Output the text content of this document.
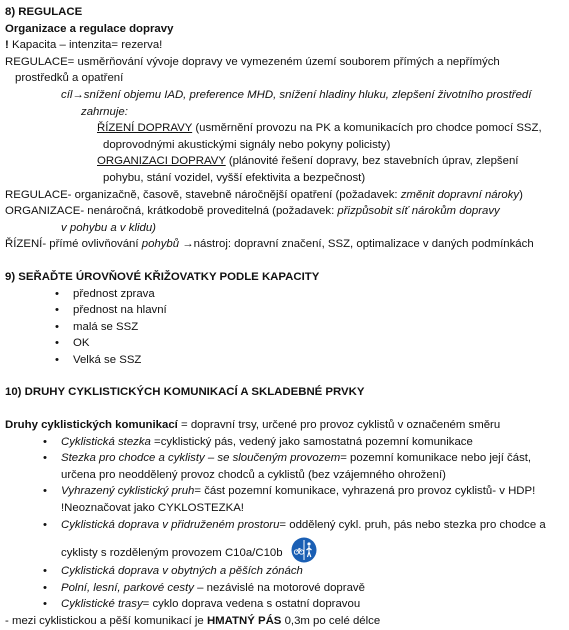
8) REGULACE
Organizace a regulace dopravy
! Kapacita – intenzita= rezerva!
REGULACE= usměrňování vývoje dopravy ve vymezeném území souborem přímých a nepřímých
prostředků a opatření
cíl→snížení objemu IAD, preference MHD, snížení hladiny hluku, zlepšení životního prostředí
zahrnuje:
ŘÍZENÍ DOPRAVY (usměrnění provozu na PK a komunikacích pro chodce pomocí SSZ,
doprovodnými akustickými signály nebo pokyny policisty)
ORGANIZACI DOPRAVY (plánovité řešení dopravy, bez stavebních úprav, zlepšení
pohybu, stání vozidel, vyšší efektivita a bezpečnost)
REGULACE- organizačně, časově, stavebně náročnější opatření (požadavek: změnit dopravní nároky)
ORGANIZACE- nenáročná, krátkodobě proveditelná (požadavek: přizpůsobit síť nárokům dopravy
v pohybu a v klidu)
ŘÍZENÍ- přímé ovlivňování pohybů →nástroj: dopravní značení, SSZ, optimalizace v daných podmínkách
9) SEŘAĎTE ÚROVŇOVÉ KŘIŽOVATKY PODLE KAPACITY
• přednost zprava
• přednost na hlavní
• malá se SSZ
• OK
• Velká se SSZ
10) DRUHY CYKLISTICKÝCH KOMUNIKACÍ A SKLADEBNÉ PRVKY
Druhy cyklistických komunikací = dopravní trsy, určené pro provoz cyklistů v označeném směru
• Cyklistická stezka =cyklistický pás, vedený jako samostatná pozemní komunikace
• Stezka pro chodce a cyklisty – se sloučeným provozem= pozemní komunikace nebo její část,
určena pro neoddělený provoz chodců a cyklistů (bez vzájemného ohrožení)
• Vyhrazený cyklistický pruh= část pozemní komunikace, vyhrazená pro provoz cyklistů- v HDP!
!Neoznačovat jako CYKLOSTEZKA!
• Cyklistická doprava v přidruženém prostoru= oddělený cykl. pruh, pás nebo stezka pro chodce a
cyklisty s rozděleným provozem C10a/C10b
• Cyklistická doprava v obytných a pěších zónách
• Polní, lesní, parkové cesty – nezávislé na motorové dopravě
• Cyklistické trasy= cyklo doprava vedena s ostatní dopravou
- mezi cyklistickou a pěší komunikací je HMATNÝ PÁS 0,3m po celé délce
